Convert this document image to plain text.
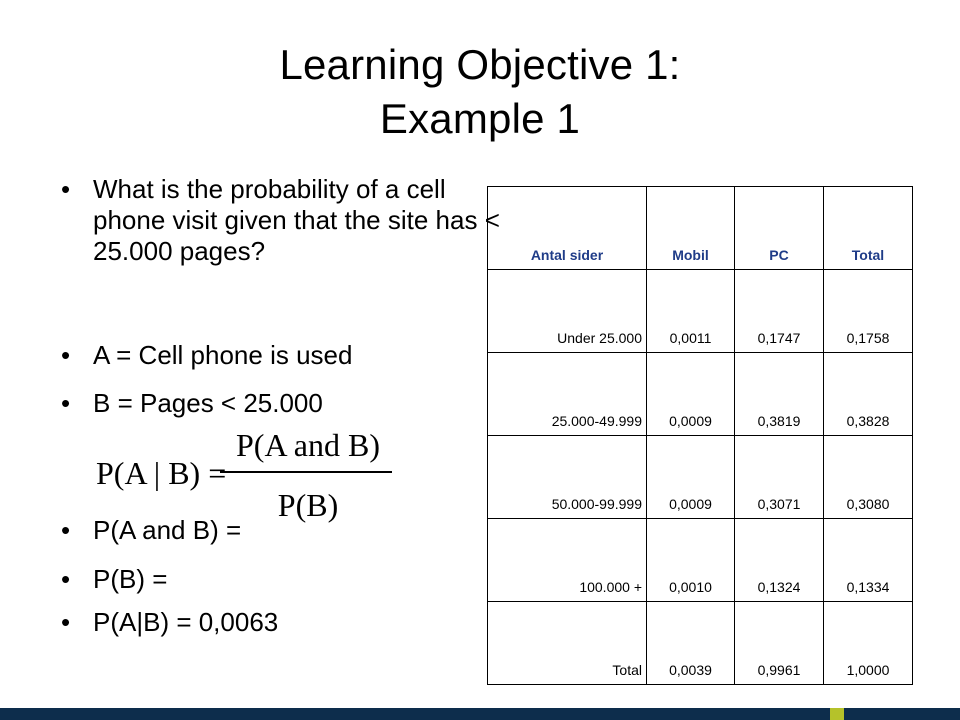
Learning Objective 1:
Example 1
• What is the probability of a cell phone visit given that the site has < 25.000 pages?
• A = Cell phone is used
• B = Pages < 25.000
• P(A and B) =
• P(B) =
• P(A|B) = 0,0063
P(A | B) =
P(A and B)
P(B)
Antal sider	Mobil	PC	Total
Under 25.000	0,0011	0,1747	0,1758
25.000-49.999	0,0009	0,3819	0,3828
50.000-99.999	0,0009	0,3071	0,3080
100.000 +	0,0010	0,1324	0,1334
Total	0,0039	0,9961	1,0000
